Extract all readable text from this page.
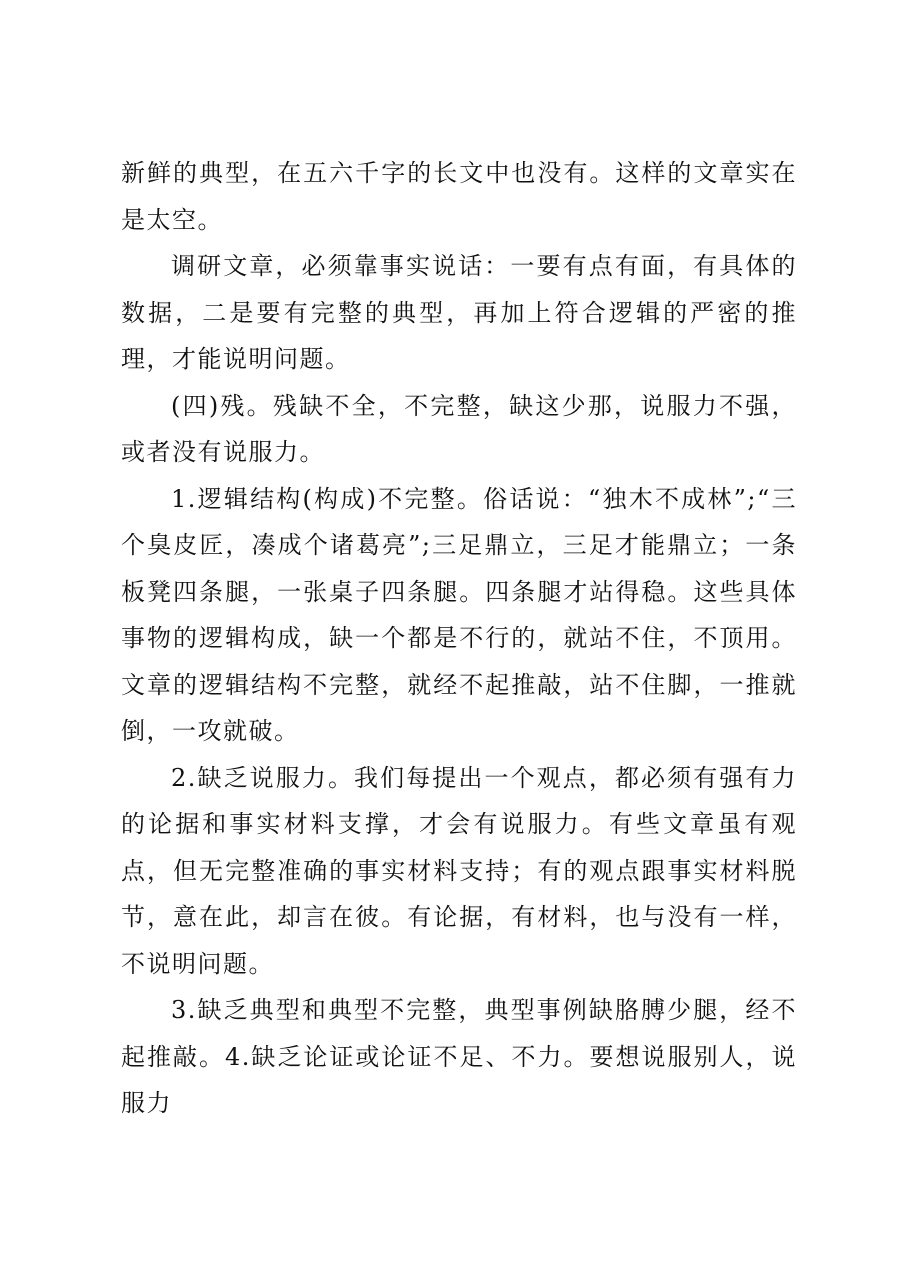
新鲜的典型，在五六千字的长文中也没有。这样的文章实在是太空。

调研文章，必须靠事实说话：一要有点有面，有具体的数据，二是要有完整的典型，再加上符合逻辑的严密的推理，才能说明问题。

(四)残。残缺不全，不完整，缺这少那，说服力不强，或者没有说服力。

1.逻辑结构(构成)不完整。俗话说：“独木不成林”;“三个臭皮匠，凑成个诸葛亮”;三足鼎立，三足才能鼎立；一条板凳四条腿，一张桌子四条腿。四条腿才站得稳。这些具体事物的逻辑构成，缺一个都是不行的，就站不住，不顶用。文章的逻辑结构不完整，就经不起推敲，站不住脚，一推就倒，一攻就破。

2.缺乏说服力。我们每提出一个观点，都必须有强有力的论据和事实材料支撑，才会有说服力。有些文章虽有观点，但无完整准确的事实材料支持；有的观点跟事实材料脱节，意在此，却言在彼。有论据，有材料，也与没有一样，不说明问题。

3.缺乏典型和典型不完整，典型事例缺胳膊少腿，经不起推敲。4.缺乏论证或论证不足、不力。要想说服别人，说服力
